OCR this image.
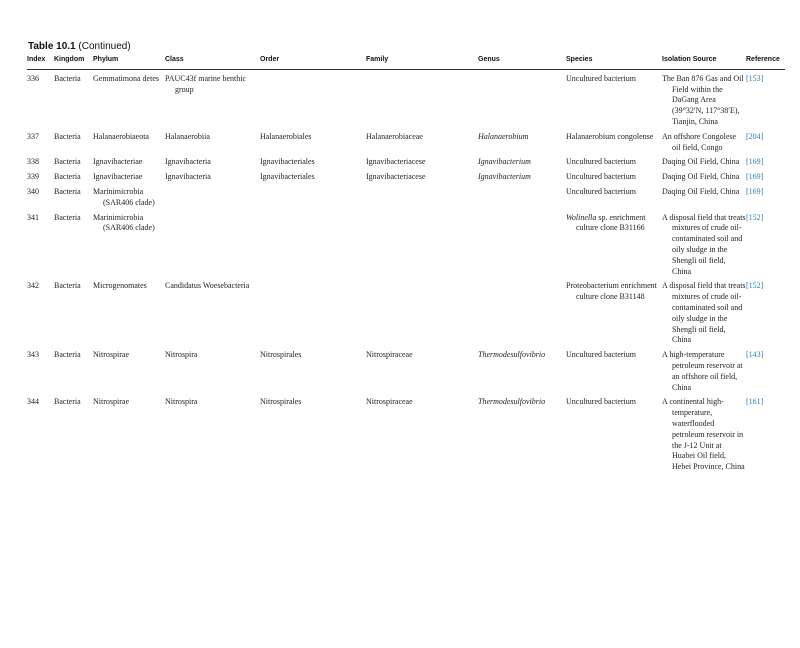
Table 10.1 (Continued)
Index	Kingdom	Phylum	Class	Order	Family	Genus	Species	Isolation Source	Reference
336	Bacteria	Gemmatimona detes	PAUC43f marine benthic group				Uncultured bacterium	The Ban 876 Gas and Oil Field within the DaGang Area (39°32′N, 117°38′E), Tianjin, China	[153]
337	Bacteria	Halanaerobiaeota	Halanaerobiia	Halanaerobiales	Halanaerobiaceae	Halanaerobium	Halanaerobium congolense	An offshore Congolese oil field, Congo	[204]
338	Bacteria	Ignavibacteriae	Ignavibacteria	Ignavibacteriales	Ignavibacteriacese	Ignavibacterium	Uncultured bacterium	Daqing Oil Field, China	[169]
339	Bacteria	Ignavibacteriae	Ignavibacteria	Ignavibacteriales	Ignavibacteriacese	Ignavibacterium	Uncultured bacterium	Daqing Oil Field, China	[169]
340	Bacteria	Marinimicrobia (SAR406 clade)					Uncultured bacterium	Daqing Oil Field, China	[169]
341	Bacteria	Marinimicrobia (SAR406 clade)					Wolinella sp. enrichment culture clone B31166	A disposal field that treats mixtures of crude oil-contaminated soil and oily sludge in the Shengli oil field, China	[152]
342	Bacteria	Microgenomates	Candidatus Woesebacteria				Proteobacterium enrichment culture clone B31148	A disposal field that treats mixtures of crude oil-contaminated soil and oily sludge in the Shengli oil field, China	[152]
343	Bacteria	Nitrospirae	Nitrospira	Nitrospirales	Nitrospiraceae	Thermodesulfovibrio	Uncultured bacterium	A high-temperature petroleum reservoir at an offshore oil field, China	[143]
344	Bacteria	Nitrospirae	Nitrospira	Nitrospirales	Nitrospiraceae	Thermodesulfovibrio	Uncultured bacterium	A continental high-temperature, waterflooded petroleum reservoir in the J-12 Unit at Huabei Oil field, Hebei Province, China	[161]
